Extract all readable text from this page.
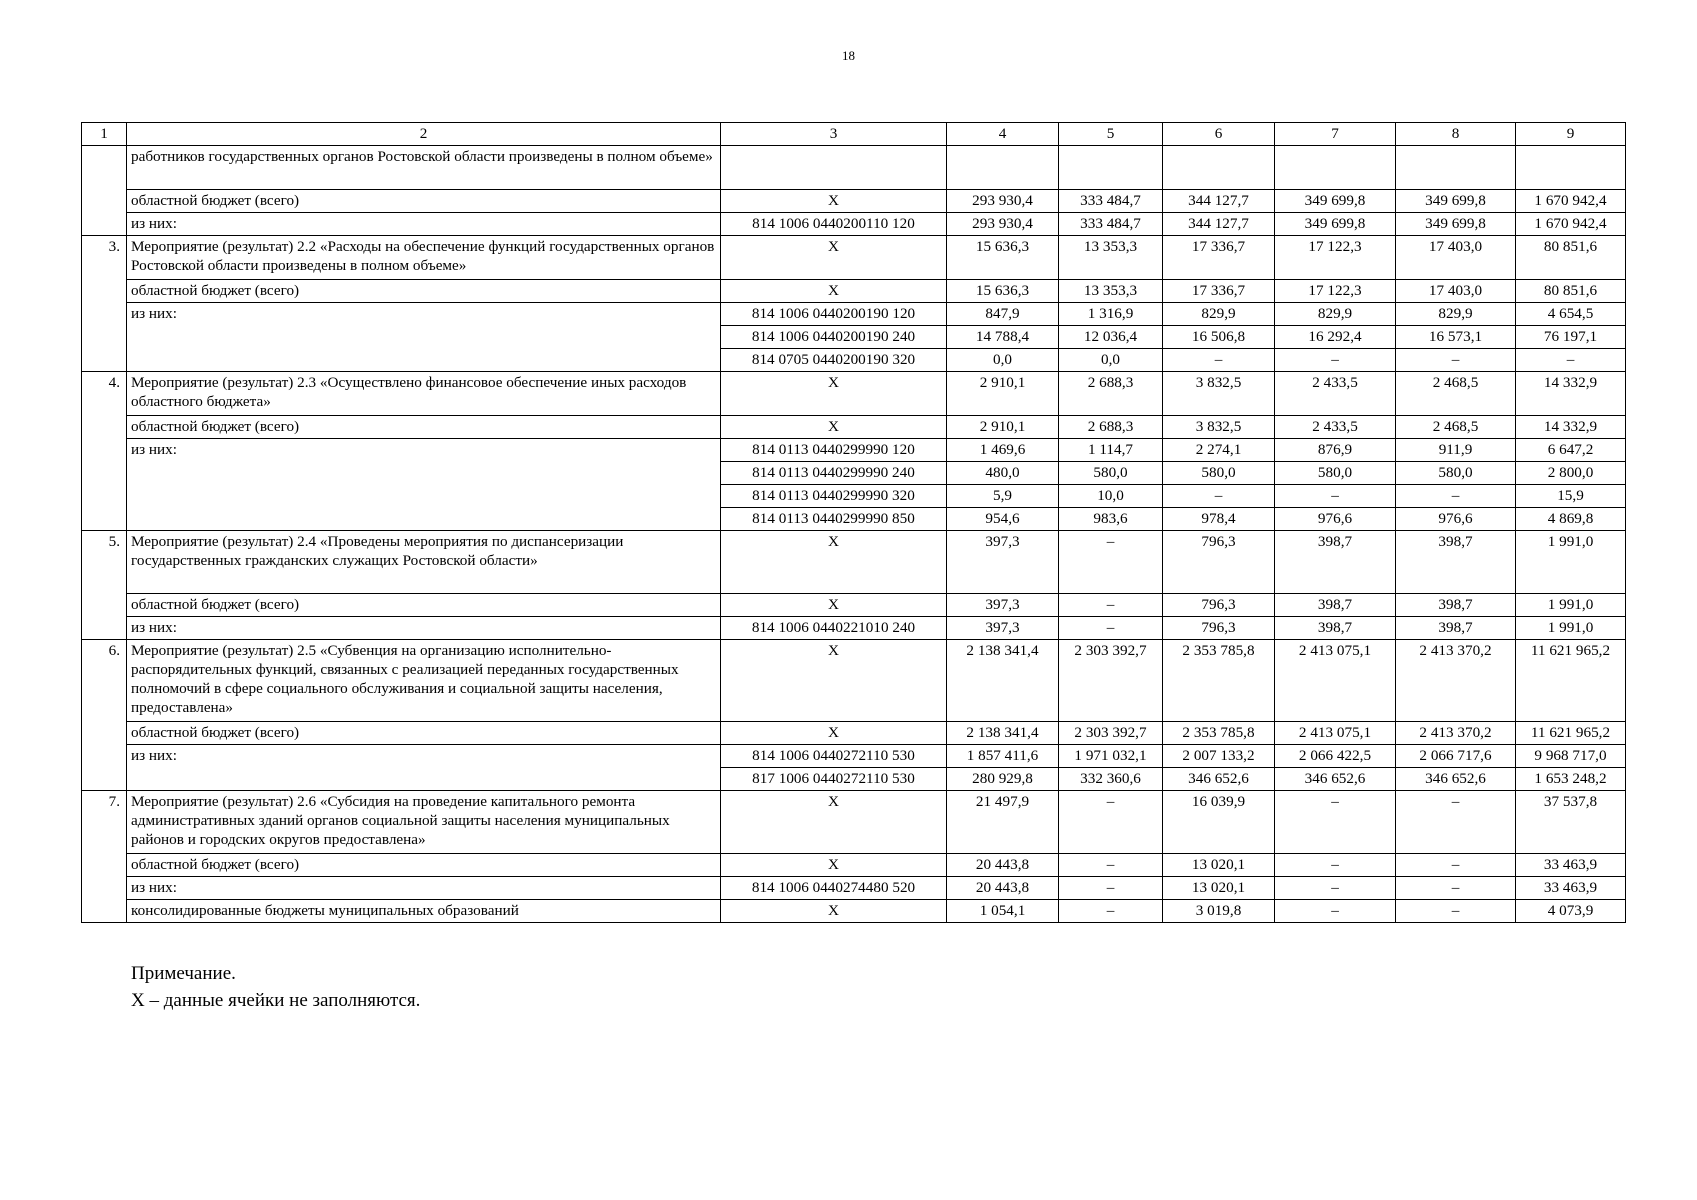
18
1	2	3	4	5	6	7	8	9
	работников государственных органов Ростовской области произведены в полном объеме»							
	областной бюджет (всего)	X	293 930,4	333 484,7	344 127,7	349 699,8	349 699,8	1 670 942,4
	из них:	814 1006 0440200110 120	293 930,4	333 484,7	344 127,7	349 699,8	349 699,8	1 670 942,4
3.	Мероприятие (результат) 2.2 «Расходы на обеспечение функций государственных органов Ростовской области произведены в полном объеме»	X	15 636,3	13 353,3	17 336,7	17 122,3	17 403,0	80 851,6
	областной бюджет (всего)	X	15 636,3	13 353,3	17 336,7	17 122,3	17 403,0	80 851,6
	из них:	814 1006 0440200190 120	847,9	1 316,9	829,9	829,9	829,9	4 654,5
		814 1006 0440200190 240	14 788,4	12 036,4	16 506,8	16 292,4	16 573,1	76 197,1
		814 0705 0440200190 320	0,0	0,0	–	–	–	–
4.	Мероприятие (результат) 2.3 «Осуществлено финансовое обеспечение иных расходов областного бюджета»	X	2 910,1	2 688,3	3 832,5	2 433,5	2 468,5	14 332,9
	областной бюджет (всего)	X	2 910,1	2 688,3	3 832,5	2 433,5	2 468,5	14 332,9
	из них:	814 0113 0440299990 120	1 469,6	1 114,7	2 274,1	876,9	911,9	6 647,2
		814 0113 0440299990 240	480,0	580,0	580,0	580,0	580,0	2 800,0
		814 0113 0440299990 320	5,9	10,0	–	–	–	15,9
		814 0113 0440299990 850	954,6	983,6	978,4	976,6	976,6	4 869,8
5.	Мероприятие (результат) 2.4 «Проведены мероприятия по диспансеризации государственных гражданских служащих Ростовской области»	X	397,3	–	796,3	398,7	398,7	1 991,0
	областной бюджет (всего)	X	397,3	–	796,3	398,7	398,7	1 991,0
	из них:	814 1006 0440221010 240	397,3	–	796,3	398,7	398,7	1 991,0
6.	Мероприятие (результат) 2.5 «Субвенция на организацию исполнительно-распорядительных функций, связанных с реализацией переданных государственных полномочий в сфере социального обслуживания и социальной защиты населения, предоставлена»	X	2 138 341,4	2 303 392,7	2 353 785,8	2 413 075,1	2 413 370,2	11 621 965,2
	областной бюджет (всего)	X	2 138 341,4	2 303 392,7	2 353 785,8	2 413 075,1	2 413 370,2	11 621 965,2
	из них:	814 1006 0440272110 530	1 857 411,6	1 971 032,1	2 007 133,2	2 066 422,5	2 066 717,6	9 968 717,0
		817 1006 0440272110 530	280 929,8	332 360,6	346 652,6	346 652,6	346 652,6	1 653 248,2
7.	Мероприятие (результат) 2.6 «Субсидия на проведение капитального ремонта административных зданий органов социальной защиты населения муниципальных районов и городских округов предоставлена»	X	21 497,9	–	16 039,9	–	–	37 537,8
	областной бюджет (всего)	X	20 443,8	–	13 020,1	–	–	33 463,9
	из них:	814 1006 0440274480 520	20 443,8	–	13 020,1	–	–	33 463,9
	консолидированные бюджеты муниципальных образований	X	1 054,1	–	3 019,8	–	–	4 073,9
Примечание.
X – данные ячейки не заполняются.
